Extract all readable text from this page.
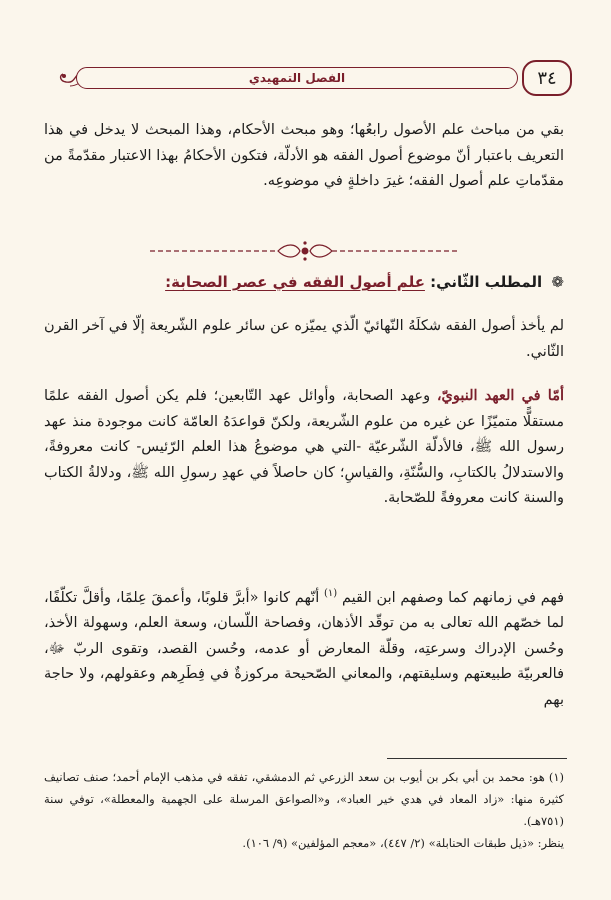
الفصل التمهيدي	٣٤

بقي من مباحث علم الأصول رابعُها؛ وهو مبحث الأحكام، وهذا المبحث لا يدخل في هذا التعريف باعتبار أنّ موضوع أصول الفقه هو الأدلّة، فتكون الأحكامُ بهذا الاعتبار مقدّمةً من مقدّماتِ علم أصول الفقه؛ غيرَ داخلةٍ في موضوعِه.

❁ المطلب الثّاني: علم أصول الفقه في عصر الصحابة:

لم يأخذ أصول الفقه شكلَهُ النّهائيّ الّذي يميّزه عن سائر علوم الشّريعة إلّا في آخر القرن الثّاني.

أمّا في العهد النبويّ، وعهد الصحابة، وأوائل عهد التّابعين؛ فلم يكن أصول الفقه علمًا مستقلًّا متميّزًا عن غيره من علوم الشّريعة، ولكنّ قواعدَهُ العامّة كانت موجودة منذ عهد رسول الله ﷺ، فالأدلّة الشّرعيّة -التي هي موضوعُ هذا العلم الرّئيس- كانت معروفةً، والاستدلالُ بالكتابِ، والسُّنّةِ، والقياسِ؛ كان حاصلاً في عهدِ رسولِ الله ﷺ، ودلالةُ الكتاب والسنة كانت معروفةً للصّحابة.

فهم في زمانهم كما وصفهم ابن القيم $^{(١)}$ أنّهم كانوا «أبرَّ قلوبًا، وأعمقَ عِلمًا، وأقلَّ تكلّفًا، لما خصّهم الله تعالى به من توقّد الأذهان، وفصاحة اللّسان، وسعة العلم، وسهولة الأخذ، وحُسن الإدراك وسرعتِه، وقلّة المعارض أو عدمه، وحُسن القصد، وتقوى الربّ ﷻ، فالعربيّة طبيعتهم وسليقتهم، والمعاني الصّحيحة مركوزةٌ في فِطَرِهم وعقولهم، ولا حاجة بهم

(١) هو: محمد بن أبي بكر بن أيوب بن سعد الزرعي ثم الدمشقي، تفقه في مذهب الإمام أحمد؛ صنف تصانيف كثيرة منها: «زاد المعاد في هدي خير العباد»، و«الصواعق المرسلة على الجهمية والمعطلة»، توفي سنة (٧٥١هـ).
ينظر: «ذيل طبقات الحنابلة» (٢/ ٤٤٧)، «معجم المؤلفين» (٩/ ١٠٦).
